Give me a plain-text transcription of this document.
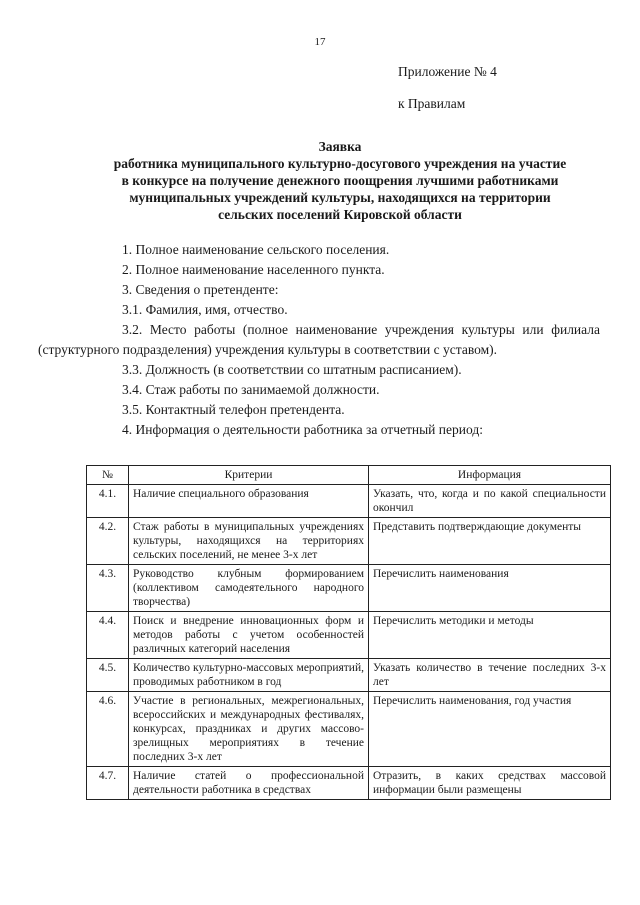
17
Приложение № 4
к Правилам
Заявка
работника муниципального культурно-досугового учреждения на участие
в конкурсе на получение денежного поощрения лучшими работниками
муниципальных учреждений культуры, находящихся на территории
сельских поселений Кировской области

1. Полное наименование сельского поселения.

2. Полное наименование населенного пункта.

3. Сведения о претенденте:

3.1. Фамилия, имя, отчество.

3.2. Место работы (полное наименование учреждения культуры или филиала (структурного подразделения) учреждения культуры в соответствии с уставом).

3.3. Должность (в соответствии со штатным расписанием).

3.4. Стаж работы по занимаемой должности.

3.5. Контактный телефон претендента.

4. Информация о деятельности работника за отчетный период:

№	Критерии	Информация
4.1.	Наличие специального образования	Указать, что, когда и по какой специальности окончил
4.2.	Стаж работы в муниципальных учреждениях культуры, находящихся на территориях сельских поселений, не менее 3-х лет	Представить подтверждающие документы
4.3.	Руководство клубным формированием (коллективом самодеятельного народного творчества)	Перечислить наименования
4.4.	Поиск и внедрение инновационных форм и методов работы с учетом особенностей различных категорий населения	Перечислить методики и методы
4.5.	Количество культурно-массовых мероприятий, проводимых работником в год	Указать количество в течение последних 3-х лет
4.6.	Участие в региональных, межрегиональных, всероссийских и международных фестивалях, конкурсах, праздниках и других массово-зрелищных мероприятиях в течение последних 3-х лет	Перечислить наименования, год участия
4.7.	Наличие статей о профессиональной деятельности работника в средствах	Отразить, в каких средствах массовой информации были размещены
